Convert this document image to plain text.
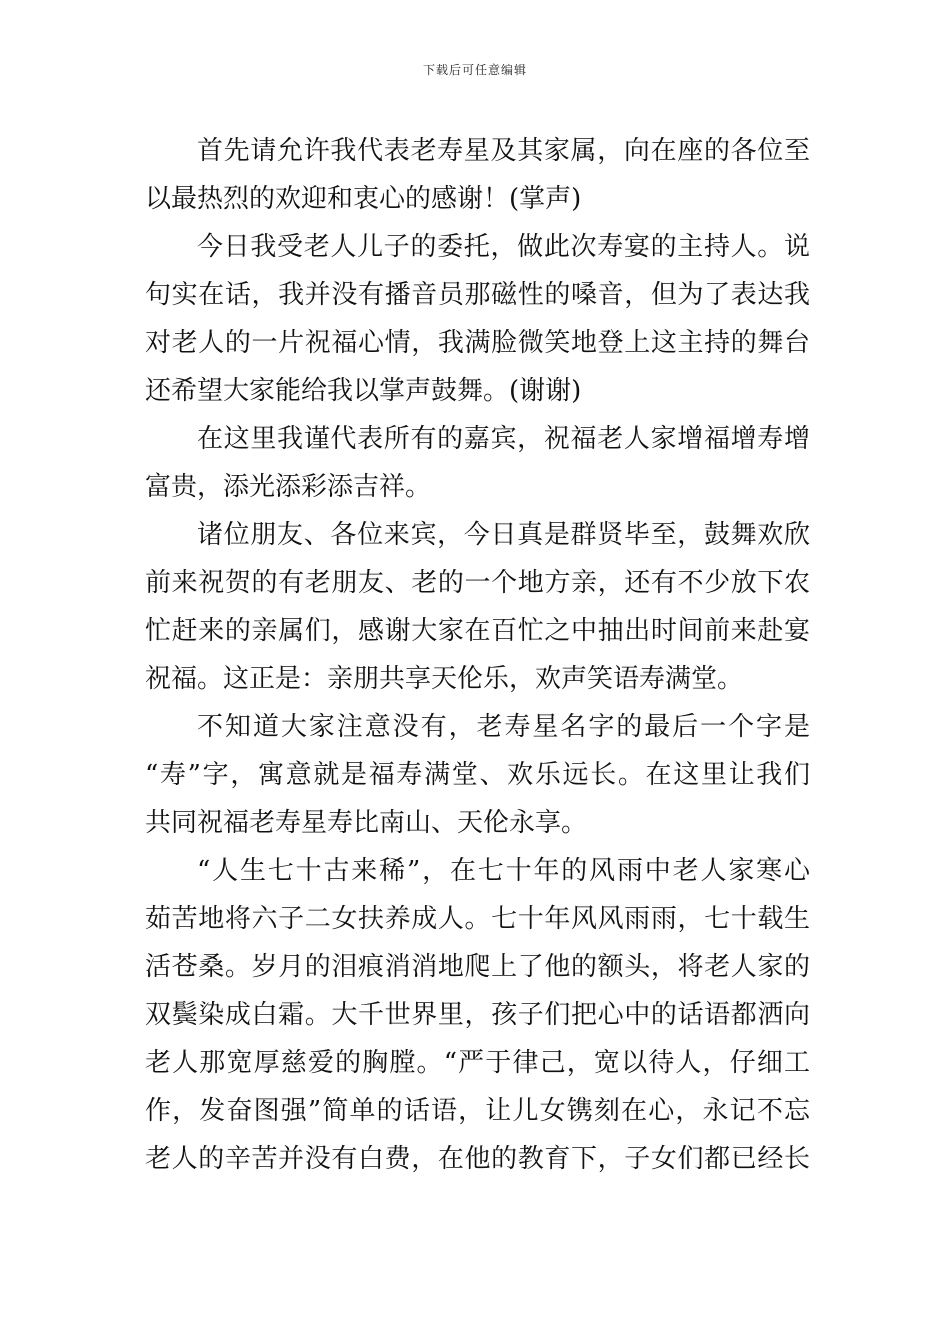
下载后可任意编辑
首先请允许我代表老寿星及其家属，向在座的各位至
以最热烈的欢迎和衷心的感谢！(掌声)
今日我受老人儿子的委托，做此次寿宴的主持人。说
句实在话，我并没有播音员那磁性的嗓音，但为了表达我
对老人的一片祝福心情，我满脸微笑地登上这主持的舞台
还希望大家能给我以掌声鼓舞。(谢谢)
在这里我谨代表所有的嘉宾，祝福老人家增福增寿增
富贵，添光添彩添吉祥。
诸位朋友、各位来宾，今日真是群贤毕至，鼓舞欢欣
前来祝贺的有老朋友、老的一个地方亲，还有不少放下农
忙赶来的亲属们，感谢大家在百忙之中抽出时间前来赴宴
祝福。这正是：亲朋共享天伦乐，欢声笑语寿满堂。
不知道大家注意没有，老寿星名字的最后一个字是
“寿”字，寓意就是福寿满堂、欢乐远长。在这里让我们
共同祝福老寿星寿比南山、天伦永享。
“人生七十古来稀”，在七十年的风雨中老人家寒心
茹苦地将六子二女扶养成人。七十年风风雨雨，七十载生
活苍桑。岁月的泪痕消消地爬上了他的额头，将老人家的
双鬓染成白霜。大千世界里，孩子们把心中的话语都洒向
老人那宽厚慈爱的胸膛。“严于律己，宽以待人，仔细工
作，发奋图强”简单的话语，让儿女镌刻在心，永记不忘
老人的辛苦并没有白费，在他的教育下，子女们都已经长
